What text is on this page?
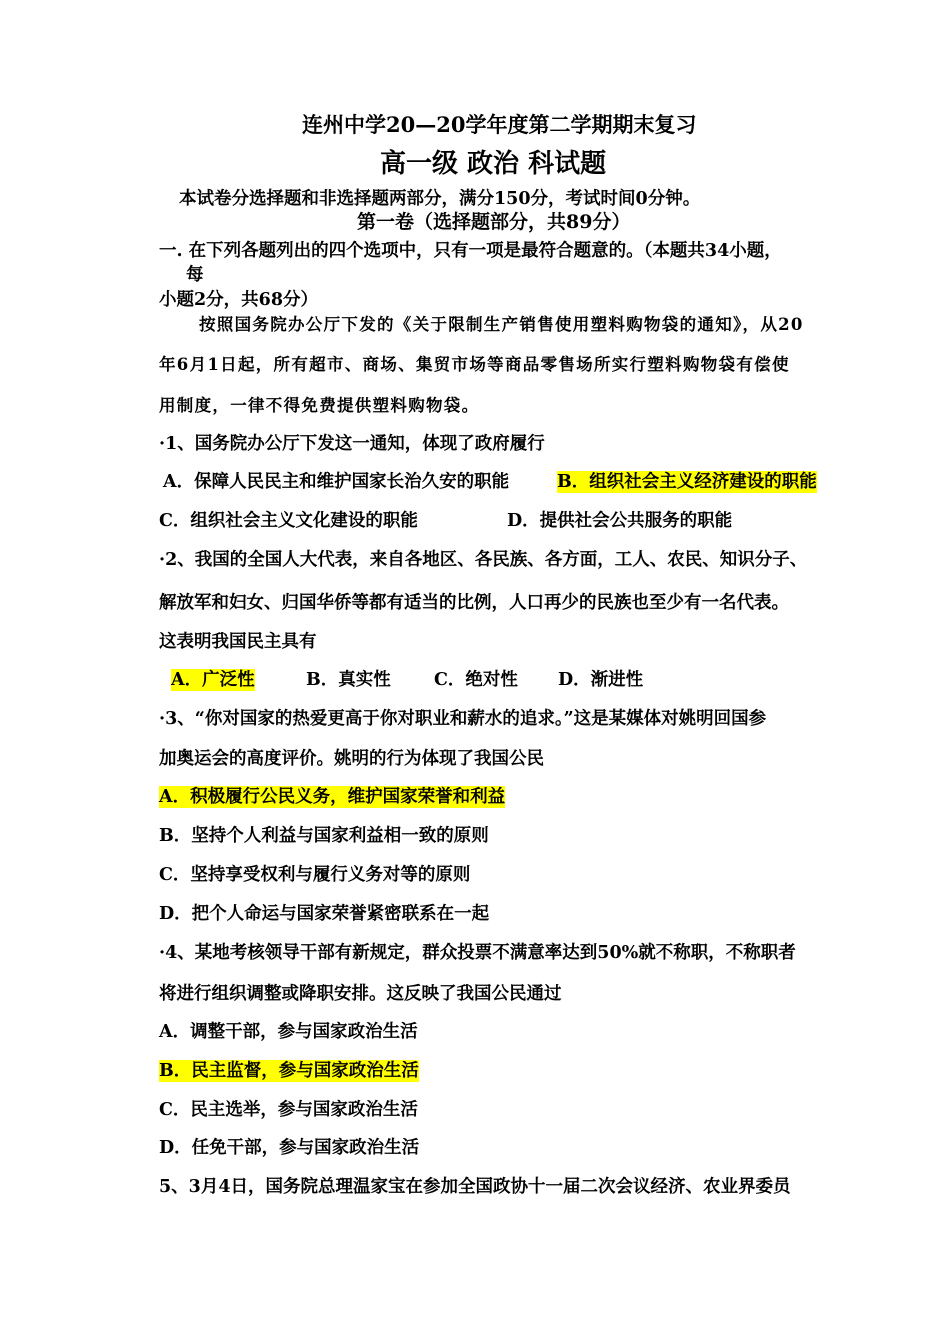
连州中学20—20学年度第二学期期末复习
高一级 政治 科试题
本试卷分选择题和非选择题两部分，满分150分，考试时间0分钟。
第一卷（选择题部分，共89分）
一. 在下列各题列出的四个选项中，只有一项是最符合题意的。（本题共34小题，
每
小题2分，共68分）
按照国务院办公厅下发的《关于限制生产销售使用塑料购物袋的通知》，从20
年6月1日起，所有超市、商场、集贸市场等商品零售场所实行塑料购物袋有偿使
用制度，一律不得免费提供塑料购物袋。
·1、国务院办公厅下发这一通知，体现了政府履行
A．保障人民民主和维护国家长治久安的职能	B．组织社会主义经济建设的职能
C．组织社会主义文化建设的职能	D．提供社会公共服务的职能
·2、我国的全国人大代表，来自各地区、各民族、各方面，工人、农民、知识分子、
解放军和妇女、归国华侨等都有适当的比例，人口再少的民族也至少有一名代表。
这表明我国民主具有
A．广泛性	B．真实性 C．绝对性 D．渐进性
·3、“你对国家的热爱更高于你对职业和薪水的追求。”这是某媒体对姚明回国参
加奥运会的高度评价。姚明的行为体现了我国公民
A．积极履行公民义务，维护国家荣誉和利益
B．坚持个人利益与国家利益相一致的原则
C．坚持享受权利与履行义务对等的原则
D．把个人命运与国家荣誉紧密联系在一起
·4、某地考核领导干部有新规定，群众投票不满意率达到50%就不称职，不称职者
将进行组织调整或降职安排。这反映了我国公民通过
A．调整干部，参与国家政治生活
B．民主监督，参与国家政治生活
C．民主选举，参与国家政治生活
D．任免干部，参与国家政治生活
5、3月4日，国务院总理温家宝在参加全国政协十一届二次会议经济、农业界委员
